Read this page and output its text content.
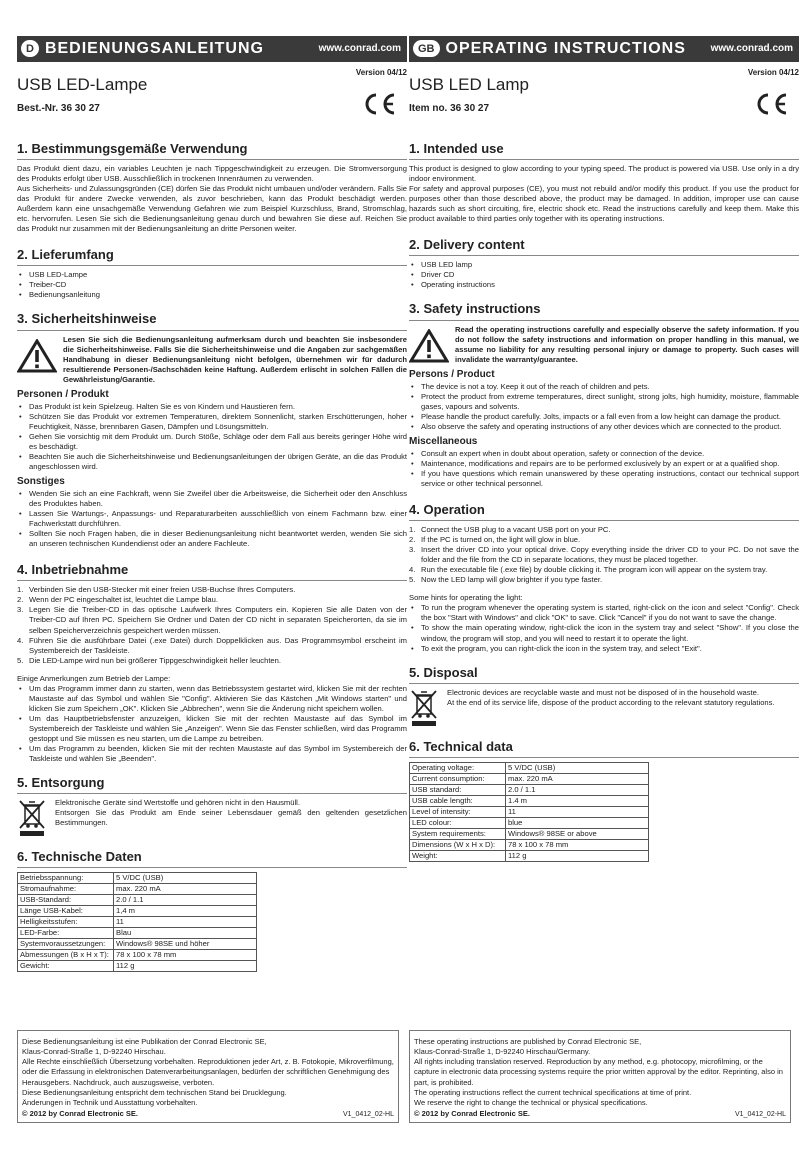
D BEDIENUNGSANLEITUNG	www.conrad.com
Version 04/12
USB LED-Lampe
Best.-Nr. 36 30 27
1. Bestimmungsgemäße Verwendung

Das Produkt dient dazu, ein variables Leuchten je nach Tippgeschwindigkeit zu erzeugen. Die Stromversorgung des Produkts erfolgt über USB. Ausschließlich in trockenen Innenräumen zu verwenden.
Aus Sicherheits- und Zulassungsgründen (CE) dürfen Sie das Produkt nicht umbauen und/oder verändern. Falls Sie das Produkt für andere Zwecke verwenden, als zuvor beschrieben, kann das Produkt beschädigt werden. Außerdem kann eine unsachgemäße Verwendung Gefahren wie zum Beispiel Kurzschluss, Brand, Stromschlag, etc. hervorrufen. Lesen Sie sich die Bedienungsanleitung genau durch und bewahren Sie diese auf. Reichen Sie das Produkt nur zusammen mit der Bedienungsanleitung an dritte Personen weiter.

2. Lieferumfang
• USB LED-Lampe
• Treiber-CD
• Bedienungsanleitung
3. Sicherheitshinweise

Lesen Sie sich die Bedienungsanleitung aufmerksam durch und beachten Sie insbesondere die Sicherheitshinweise. Falls Sie die Sicherheitshinweise und die Angaben zur sachgemäßen Handhabung in dieser Bedienungsanleitung nicht befolgen, übernehmen wir für dadurch resultierende Personen-/Sachschäden keine Haftung. Außerdem erlischt in solchen Fällen die Gewährleistung/Garantie.

Personen / Produkt
• Das Produkt ist kein Spielzeug. Halten Sie es von Kindern und Haustieren fern.
• Schützen Sie das Produkt vor extremen Temperaturen, direktem Sonnenlicht, starken Erschütterungen, hoher Feuchtigkeit, Nässe, brennbaren Gasen, Dämpfen und Lösungsmitteln.
• Gehen Sie vorsichtig mit dem Produkt um. Durch Stöße, Schläge oder dem Fall aus bereits geringer Höhe wird es beschädigt.
• Beachten Sie auch die Sicherheitshinweise und Bedienungsanleitungen der übrigen Geräte, an die das Produkt angeschlossen wird.
Sonstiges
• Wenden Sie sich an eine Fachkraft, wenn Sie Zweifel über die Arbeitsweise, die Sicherheit oder den Anschluss des Produktes haben.
• Lassen Sie Wartungs-, Anpassungs- und Reparaturarbeiten ausschließlich von einem Fachmann bzw. einer Fachwerkstatt durchführen.
• Sollten Sie noch Fragen haben, die in dieser Bedienungsanleitung nicht beantwortet werden, wenden Sie sich an unseren technischen Kundendienst oder an andere Fachleute.
4. Inbetriebnahme
1. Verbinden Sie den USB-Stecker mit einer freien USB-Buchse Ihres Computers.
2. Wenn der PC eingeschaltet ist, leuchtet die Lampe blau.
3. Legen Sie die Treiber-CD in das optische Laufwerk Ihres Computers ein. Kopieren Sie alle Daten von der Treiber-CD auf Ihren PC. Speichern Sie Ordner und Daten der CD nicht in separaten Speicherorten, da sie im selben Speicherverzeichnis gespeichert werden müssen.
4. Führen Sie die ausführbare Datei (.exe Datei) durch Doppelklicken aus. Das Programmsymbol erscheint im Systembereich der Taskleiste.
5. Die LED-Lampe wird nun bei größerer Tippgeschwindigkeit heller leuchten.

Einige Anmerkungen zum Betrieb der Lampe:

• Um das Programm immer dann zu starten, wenn das Betriebssystem gestartet wird, klicken Sie mit der rechten Maustaste auf das Symbol und wählen Sie "Config". Aktivieren Sie das Kästchen „Mit Windows starten" und klicken Sie zum Speichern „OK". Klicken Sie „Abbrechen", wenn Sie die Änderung nicht speichern wollen.
• Um das Hauptbetriebsfenster anzuzeigen, klicken Sie mit der rechten Maustaste auf das Symbol im Systembereich der Taskleiste und wählen Sie „Anzeigen". Wenn Sie das Fenster schließen, wird das Programm gestoppt und Sie müssen es neu starten, um die Lampe zu betreiben.
• Um das Programm zu beenden, klicken Sie mit der rechten Maustaste auf das Symbol im Systembereich der Taskleiste und wählen Sie „Beenden".
5. Entsorgung

Elektronische Geräte sind Wertstoffe und gehören nicht in den Hausmüll.
Entsorgen Sie das Produkt am Ende seiner Lebensdauer gemäß den geltenden gesetzlichen Bestimmungen.

6. Technische Daten
Betriebsspannung:	5 V/DC (USB)
Stromaufnahme:	max. 220 mA
USB-Standard:	2.0 / 1.1
Länge USB-Kabel:	1,4 m
Helligkeitsstufen:	11
LED-Farbe:	Blau
Systemvoraussetzungen:	Windows® 98SE und höher
Abmessungen (B x H x T):	78 x 100 x 78 mm
Gewicht:	112 g
GB OPERATING INSTRUCTIONS www.conrad.com
Version 04/12
USB LED Lamp
Item no. 36 30 27
1. Intended use

This product is designed to glow according to your typing speed. The product is powered via USB. Use only in a dry indoor environment.
For safety and approval purposes (CE), you must not rebuild and/or modify this product. If you use the product for purposes other than those described above, the product may be damaged. In addition, improper use can cause hazards such as short circuiting, fire, electric shock etc. Read the instructions carefully and keep them. Make this product available to third parties only together with its operating instructions.

2. Delivery content
• USB LED lamp
• Driver CD
• Operating instructions
3. Safety instructions

Read the operating instructions carefully and especially observe the safety information. If you do not follow the safety instructions and information on proper handling in this manual, we assume no liability for any resulting personal injury or damage to property. Such cases will invalidate the warranty/guarantee.

Persons / Product
• The device is not a toy. Keep it out of the reach of children and pets.
• Protect the product from extreme temperatures, direct sunlight, strong jolts, high humidity, moisture, flammable gases, vapours and solvents.
• Please handle the product carefully. Jolts, impacts or a fall even from a low height can damage the product.
• Also observe the safety and operating instructions of any other devices which are connected to the product.
Miscellaneous
• Consult an expert when in doubt about operation, safety or connection of the device.
• Maintenance, modifications and repairs are to be performed exclusively by an expert or at a qualified shop.
• If you have questions which remain unanswered by these operating instructions, contact our technical support service or other technical personnel.
4. Operation
1. Connect the USB plug to a vacant USB port on your PC.
2. If the PC is turned on, the light will glow in blue.
3. Insert the driver CD into your optical drive. Copy everything inside the driver CD to your PC. Do not save the folder and the file from the CD in separate locations, they must be placed together.
4. Run the executable file (.exe file) by double clicking it. The program icon will appear on the system tray.
5. Now the LED lamp will glow brighter if you type faster.

Some hints for operating the light:

• To run the program whenever the operating system is started, right-click on the icon and select "Config". Check the box "Start with Windows" and click "OK" to save. Click "Cancel" if you do not want to save the change.
• To show the main operating window, right-click the icon in the system tray and select "Show". If you close the window, the program will stop, and you will need to restart it to operate the light.
• To exit the program, you can right-click the icon in the system tray, and select "Exit".
5. Disposal

Electronic devices are recyclable waste and must not be disposed of in the household waste.
At the end of its service life, dispose of the product according to the relevant statutory regulations.

6. Technical data
Operating voltage:	5 V/DC (USB)
Current consumption:	max. 220 mA
USB standard:	2.0 / 1.1
USB cable length:	1.4 m
Level of intensity:	11
LED colour:	blue
System requirements:	Windows® 98SE or above
Dimensions (W x H x D):	78 x 100 x 78 mm
Weight:	112 g

Diese Bedienungsanleitung ist eine Publikation der Conrad Electronic SE,
Klaus-Conrad-Straße 1, D-92240 Hirschau.
Alle Rechte einschließlich Übersetzung vorbehalten. Reproduktionen jeder Art, z. B. Fotokopie, Mikroverfilmung, oder die Erfassung in elektronischen Datenverarbeitungsanlagen, bedürfen der schriftlichen Genehmigung des Herausgebers. Nachdruck, auch auszugsweise, verboten.
Diese Bedienungsanleitung entspricht dem technischen Stand bei Drucklegung.
Änderungen in Technik und Ausstattung vorbehalten.

© 2012 by Conrad Electronic SE.	V1_0412_02-HL

These operating instructions are published by Conrad Electronic SE,
Klaus-Conrad-Straße 1, D-92240 Hirschau/Germany.
All rights including translation reserved. Reproduction by any method, e.g. photocopy, microfilming, or the capture in electronic data processing systems require the prior written approval by the editor. Reprinting, also in part, is prohibited.
The operating instructions reflect the current technical specifications at time of print.
We reserve the right to change the technical or physical specifications.

© 2012 by Conrad Electronic SE.	V1_0412_02-HL
